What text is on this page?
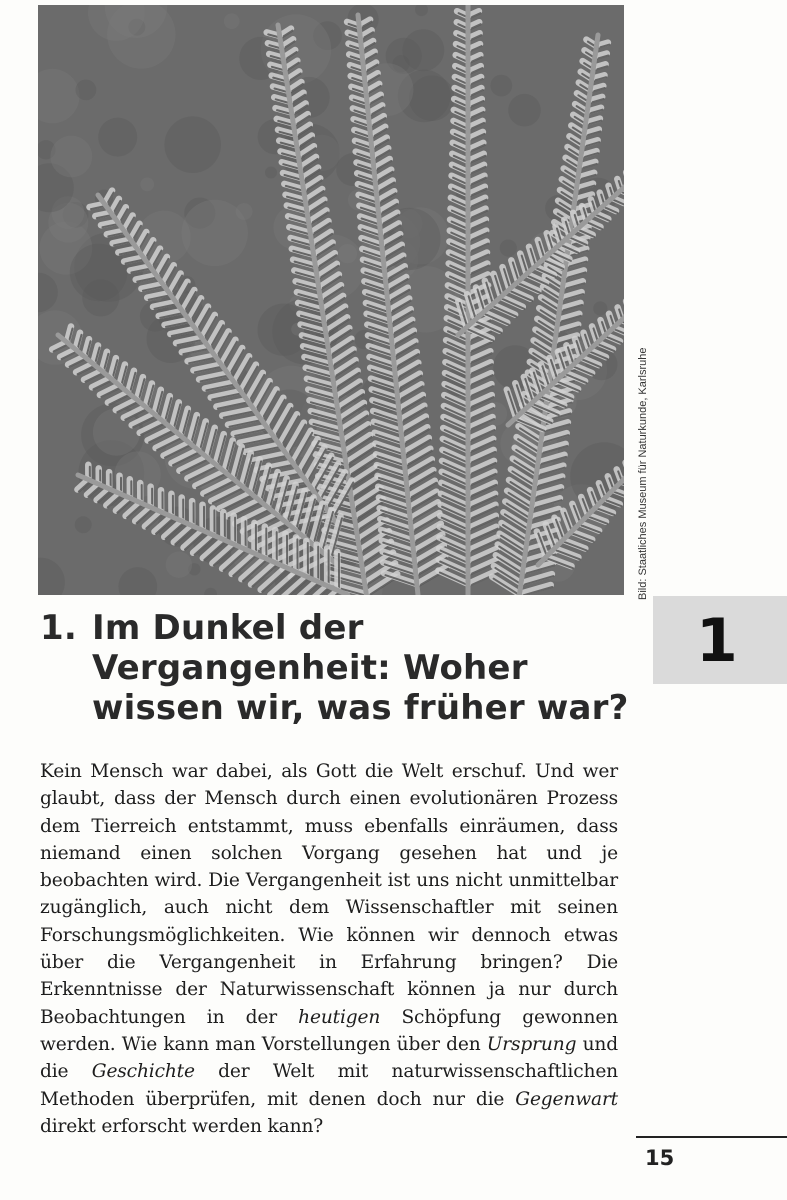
Bild: Staatliches Museum für Naturkunde, Karlsruhe
1. Im Dunkel der Vergangenheit: Woher wissen wir, was früher war?
1

Kein Mensch war dabei, als Gott die Welt erschuf. Und wer glaubt, dass der Mensch durch einen evolutionären Prozess dem Tierreich entstammt, muss ebenfalls einräumen, dass niemand einen solchen Vorgang gesehen hat und je beobachten wird. Die Vergangenheit ist uns nicht unmittelbar zugänglich, auch nicht dem Wissenschaftler mit seinen Forschungsmöglichkeiten. Wie können wir dennoch etwas über die Vergangenheit in Erfahrung bringen? Die Erkenntnisse der Naturwissenschaft können ja nur durch Beobachtungen in der heutigen Schöpfung gewonnen werden. Wie kann man Vorstellungen über den Ursprung und die Geschichte der Welt mit naturwissenschaftlichen Methoden überprüfen, mit denen doch nur die Gegenwart direkt erforscht werden kann?

15
